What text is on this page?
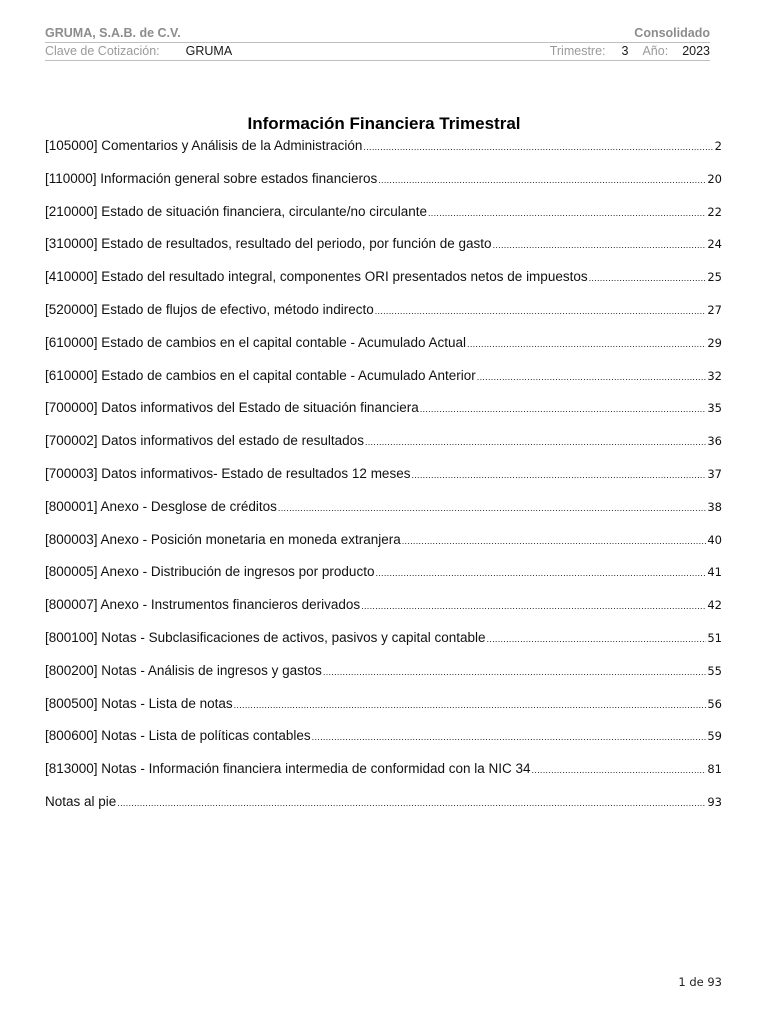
GRUMA, S.A.B. de C.V.	Consolidado
Clave de Cotización: GRUMA	Trimestre: 3 Año: 2023
Información Financiera Trimestral
[105000] Comentarios y Análisis de la Administración .....	2
[110000] Información general sobre estados financieros .....	20
[210000] Estado de situación financiera, circulante/no circulante .....	22
[310000] Estado de resultados, resultado del periodo, por función de gasto .....	24
[410000] Estado del resultado integral, componentes ORI presentados netos de impuestos .....	25
[520000] Estado de flujos de efectivo, método indirecto .....	27
[610000] Estado de cambios en el capital contable - Acumulado Actual .....	29
[610000] Estado de cambios en el capital contable - Acumulado Anterior .....	32
[700000] Datos informativos del Estado de situación financiera .....	35
[700002] Datos informativos del estado de resultados .....	36
[700003] Datos informativos- Estado de resultados 12 meses .....	37
[800001] Anexo - Desglose de créditos .....	38
[800003] Anexo - Posición monetaria en moneda extranjera .....	40
[800005] Anexo - Distribución de ingresos por producto .....	41
[800007] Anexo - Instrumentos financieros derivados .....	42
[800100] Notas - Subclasificaciones de activos, pasivos y capital contable .....	51
[800200] Notas - Análisis de ingresos y gastos .....	55
[800500] Notas - Lista de notas .....	56
[800600] Notas - Lista de políticas contables .....	59
[813000] Notas - Información financiera intermedia de conformidad con la NIC 34 .....	81
Notas al pie .....	93
1 de 93
